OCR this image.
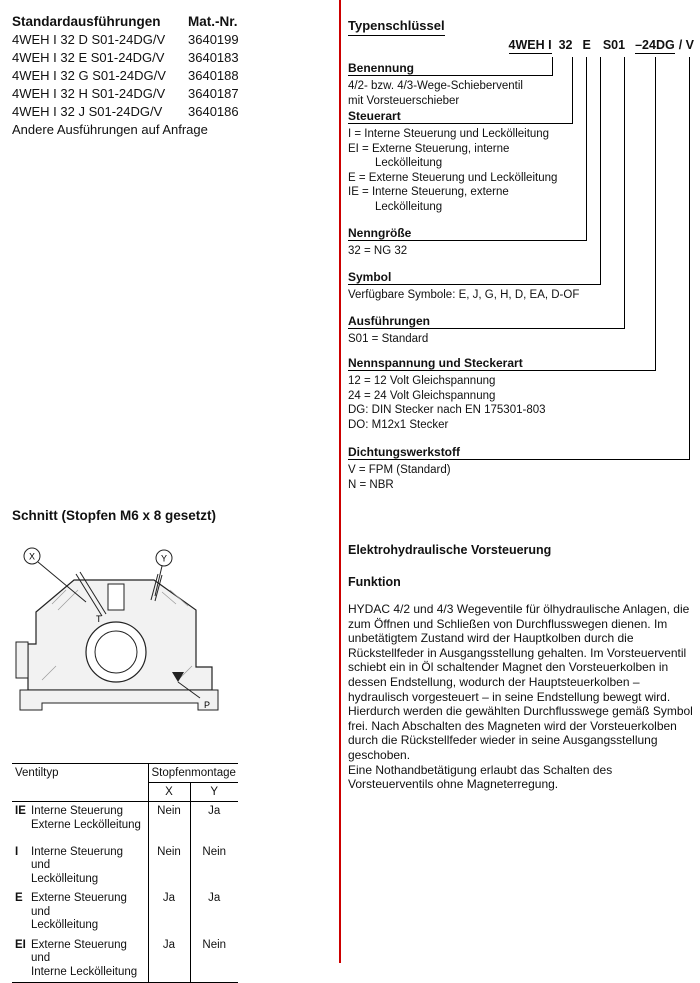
Standardausführungen	Mat.-Nr.
4WEH I 32 D S01-24DG/V	3640199
4WEH I 32 E S01-24DG/V	3640183
4WEH I 32 G S01-24DG/V	3640188
4WEH I 32 H S01-24DG/V	3640187
4WEH I 32 J S01-24DG/V	3640186
Andere Ausführungen auf Anfrage
Schnitt (Stopfen M6 x 8 gesetzt)
X	Y
T
P
Ventiltyp	Stopfenmontage	
	X	Y

IE Interne Steuerung
Externe Leckölleitung	Nein	Ja

I Interne Steuerung und
Leckölleitung	Nein	Nein

E Externe Steuerung und
Leckölleitung	Ja	Ja

EI Externe Steuerung und
Interne Leckölleitung	Ja	Nein
Typenschlüssel
4WEH I 32 E S01 –24DG / V
Benennung
4/2- bzw. 4/3-Wege-Schieberventil
mit Vorsteuerschieber
Steuerart
I = Interne Steuerung und Leckölleitung
EI = Externe Steuerung, interne
Leckölleitung
E = Externe Steuerung und Leckölleitung
IE = Interne Steuerung, externe
Leckölleitung
Nenngröße
32 = NG 32
Symbol
Verfügbare Symbole: E, J, G, H, D, EA, D-OF
Ausführungen
S01 = Standard
Nennspannung und Steckerart
12 = 12 Volt Gleichspannung
24 = 24 Volt Gleichspannung
DG: DIN Stecker nach EN 175301-803
DO: M12x1 Stecker
Dichtungswerkstoff
V = FPM (Standard)
N = NBR
Elektrohydraulische Vorsteuerung
Funktion
HYDAC 4/2 und 4/3 Wegeventile für ölhydraulische Anlagen, die zum Öffnen und Schließen von Durchflusswegen dienen. Im unbetätigtem Zustand wird der Hauptkolben durch die Rückstellfeder in Ausgangsstellung gehalten. Im Vorsteuerventil schiebt ein in Öl schaltender Magnet den Vorsteuerkolben in dessen Endstellung, wodurch der Hauptsteuerkolben – hydraulisch vorgesteuert – in seine Endstellung bewegt wird. Hierdurch werden die gewählten Durchflusswege gemäß Symbol frei. Nach Abschalten des Magneten wird der Vorsteuerkolben durch die Rückstellfeder wieder in seine Ausgangsstellung geschoben.
Eine Nothandbetätigung erlaubt das Schalten des Vorsteuerventils ohne Magneterregung.
